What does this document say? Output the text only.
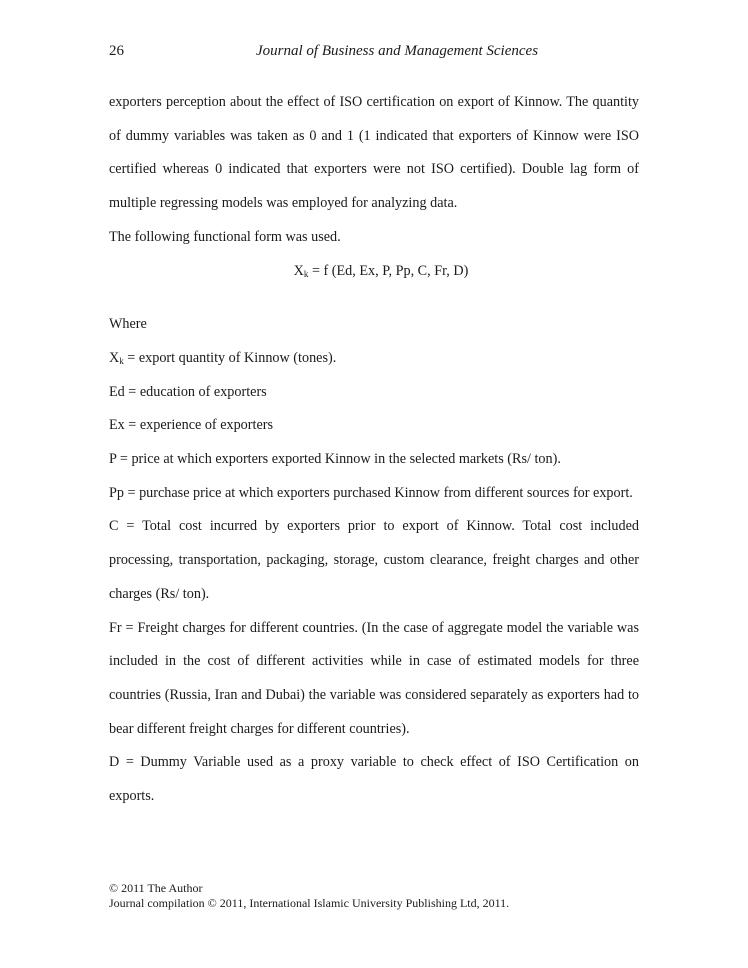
26	Journal of Business and Management Sciences

exporters perception about the effect of ISO certification on export of Kinnow. The quantity of dummy variables was taken as 0 and 1 (1 indicated that exporters of Kinnow were ISO certified whereas 0 indicated that exporters were not ISO certified). Double lag form of multiple regressing models was employed for analyzing data.

The following functional form was used.

$X_k = f$ (Ed, Ex, P, Pp, C, Fr, D)

Where

$X_k$ = export quantity of Kinnow (tones).

Ed = education of exporters

Ex = experience of exporters

P = price at which exporters exported Kinnow in the selected markets (Rs/ ton).

Pp = purchase price at which exporters purchased Kinnow from different sources for export.

C = Total cost incurred by exporters prior to export of Kinnow. Total cost included processing, transportation, packaging, storage, custom clearance, freight charges and other charges (Rs/ ton).

Fr = Freight charges for different countries. (In the case of aggregate model the variable was included in the cost of different activities while in case of estimated models for three countries (Russia, Iran and Dubai) the variable was considered separately as exporters had to bear different freight charges for different countries).

D = Dummy Variable used as a proxy variable to check effect of ISO Certification on exports.

© 2011 The Author
Journal compilation © 2011, International Islamic University Publishing Ltd, 2011.
